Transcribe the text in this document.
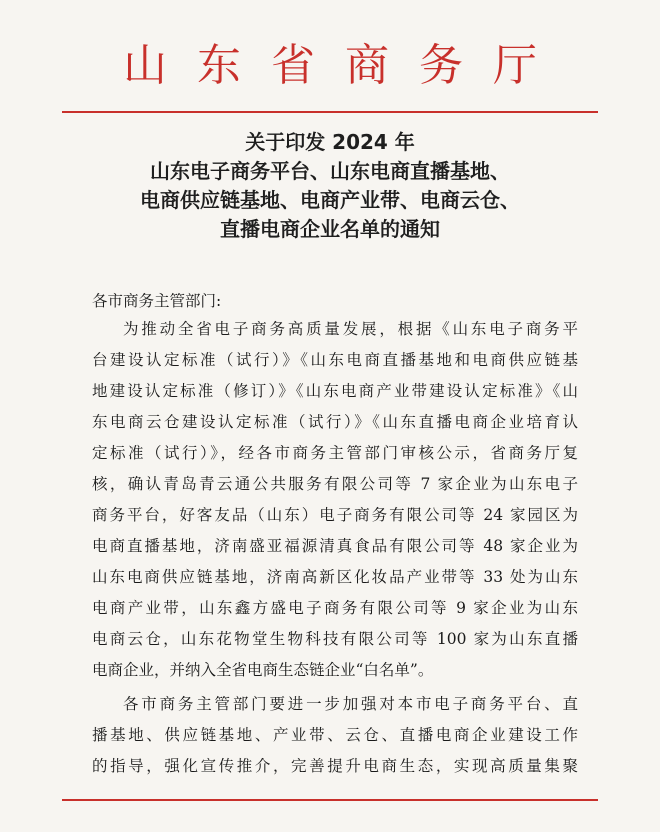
山东省商务厅
关于印发 2024 年
山东电子商务平台、山东电商直播基地、
电商供应链基地、电商产业带、电商云仓、
直播电商企业名单的通知
各市商务主管部门:
为推动全省电子商务高质量发展，根据《山东电子商务平
台建设认定标准（试行）》《山东电商直播基地和电商供应链基
地建设认定标准（修订）》《山东电商产业带建设认定标准》《山
东电商云仓建设认定标准（试行）》《山东直播电商企业培育认
定标准（试行）》，经各市商务主管部门审核公示，省商务厅复
核，确认青岛青云通公共服务有限公司等 7 家企业为山东电子
商务平台，好客友品（山东）电子商务有限公司等 24 家园区为
电商直播基地，济南盛亚福源清真食品有限公司等 48 家企业为
山东电商供应链基地，济南高新区化妆品产业带等 33 处为山东
电商产业带，山东鑫方盛电子商务有限公司等 9 家企业为山东
电商云仓，山东花物堂生物科技有限公司等 100 家为山东直播
电商企业，并纳入全省电商生态链企业“白名单”。
各市商务主管部门要进一步加强对本市电子商务平台、直
播基地、供应链基地、产业带、云仓、直播电商企业建设工作
的指导，强化宣传推介，完善提升电商生态，实现高质量集聚
